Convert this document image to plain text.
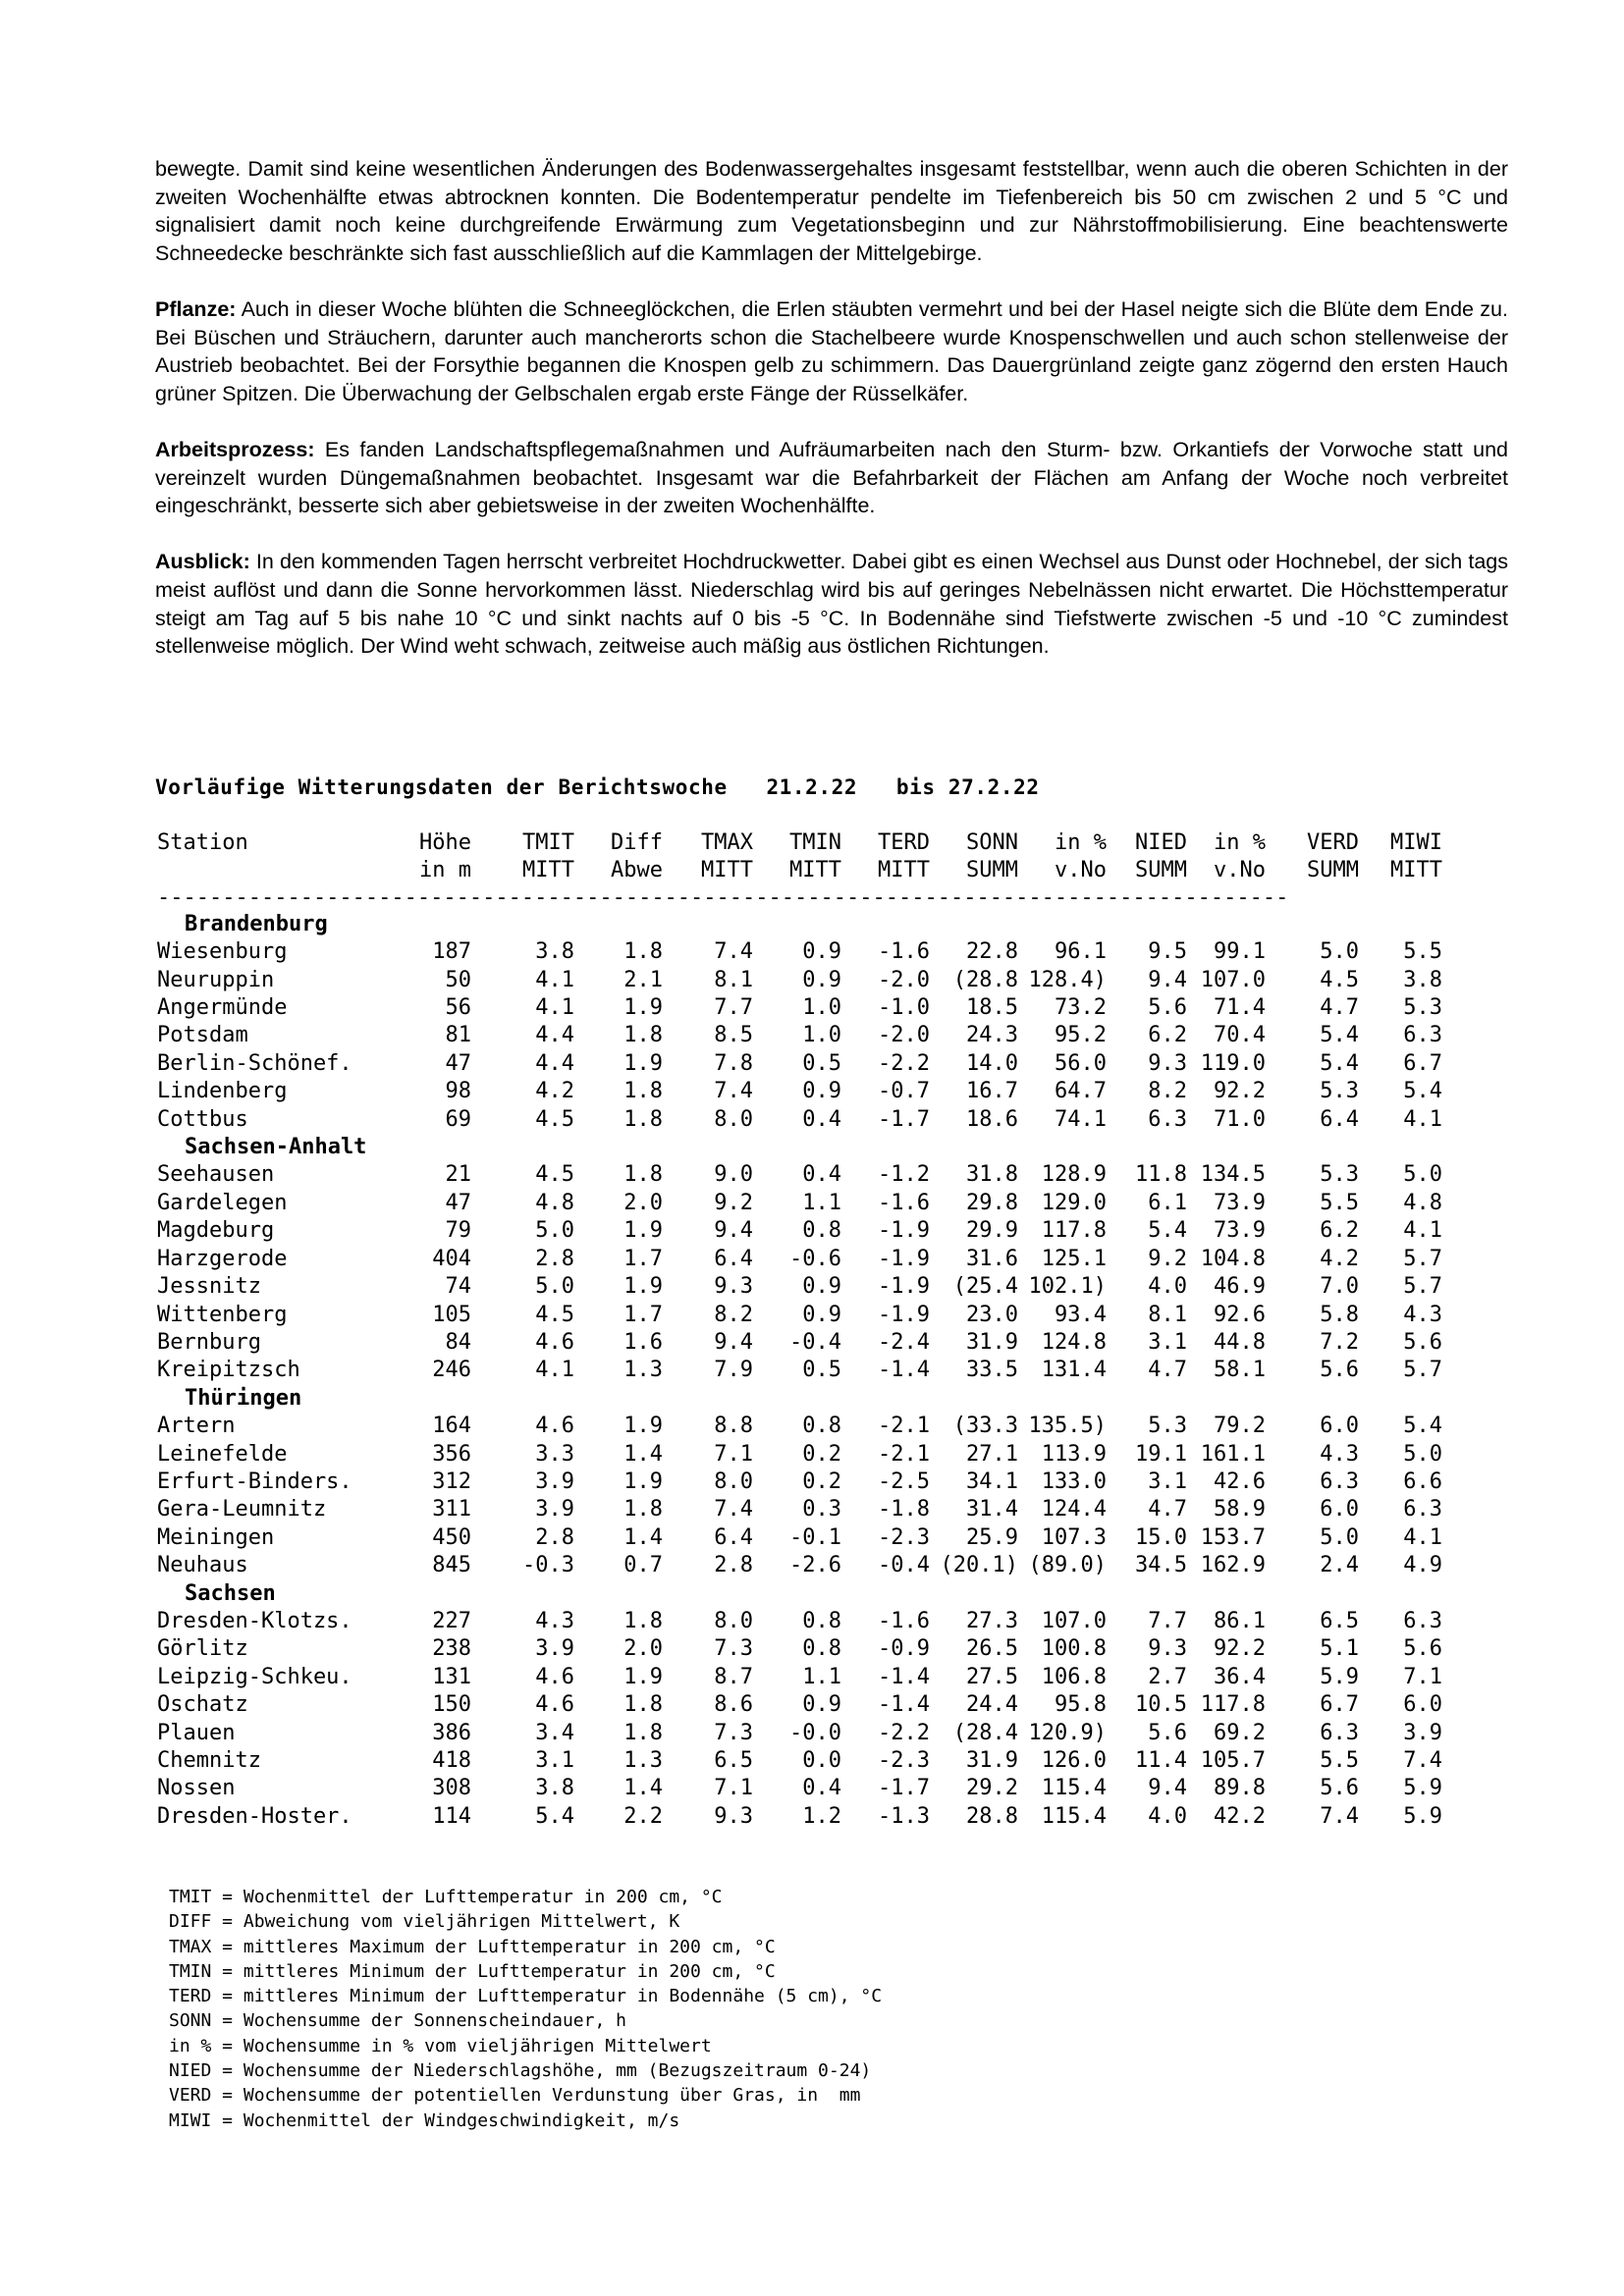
bewegte. Damit sind keine wesentlichen Änderungen des Bodenwassergehaltes insgesamt feststellbar, wenn auch die oberen Schichten in der zweiten Wochenhälfte etwas abtrocknen konnten. Die Bodentemperatur pendelte im Tiefenbereich bis 50 cm zwischen 2 und 5 °C und signalisiert damit noch keine durchgreifende Erwärmung zum Vegetationsbeginn und zur Nährstoffmobilisierung. Eine beachtenswerte Schneedecke beschränkte sich fast ausschließlich auf die Kammlagen der Mittelgebirge.

Pflanze: Auch in dieser Woche blühten die Schneeglöckchen, die Erlen stäubten vermehrt und bei der Hasel neigte sich die Blüte dem Ende zu. Bei Büschen und Sträuchern, darunter auch mancherorts schon die Stachelbeere wurde Knospenschwellen und auch schon stellenweise der Austrieb beobachtet. Bei der Forsythie begannen die Knospen gelb zu schimmern. Das Dauergrünland zeigte ganz zögernd den ersten Hauch grüner Spitzen. Die Überwachung der Gelbschalen ergab erste Fänge der Rüsselkäfer.

Arbeitsprozess: Es fanden Landschaftspflegemaßnahmen und Aufräumarbeiten nach den Sturm- bzw. Orkantiefs der Vorwoche statt und vereinzelt wurden Düngemaßnahmen beobachtet. Insgesamt war die Befahrbarkeit der Flächen am Anfang der Woche noch verbreitet eingeschränkt, besserte sich aber gebietsweise in der zweiten Wochenhälfte.

Ausblick: In den kommenden Tagen herrscht verbreitet Hochdruckwetter. Dabei gibt es einen Wechsel aus Dunst oder Hochnebel, der sich tags meist auflöst und dann die Sonne hervorkommen lässt. Niederschlag wird bis auf geringes Nebelnässen nicht erwartet. Die Höchsttemperatur steigt am Tag auf 5 bis nahe 10 °C und sinkt nachts auf 0 bis -5 °C. In Bodennähe sind Tiefstwerte zwischen -5 und -10 °C zumindest stellenweise möglich. Der Wind weht schwach, zeitweise auch mäßig aus östlichen Richtungen.

Vorläufige Witterungsdaten der Berichtswoche 21.2.22 bis 27.2.22
Station	Höhe	TMIT	Diff	TMAX	TMIN	TERD	SONN	in %	NIED	in %	VERD	MIWI
	in m	MITT	Abwe	MITT	MITT	MITT	SUMM	v.No	SUMM	v.No	SUMM	MITT
---------------------------------------------------------------------------------------												
Brandenburg												
Wiesenburg	187	3.8	1.8	7.4	0.9	-1.6	22.8	96.1	9.5	99.1	5.0	5.5
Neuruppin	50	4.1	2.1	8.1	0.9	-2.0	(28.8	128.4)	9.4	107.0	4.5	3.8
Angermünde	56	4.1	1.9	7.7	1.0	-1.0	18.5	73.2	5.6	71.4	4.7	5.3
Potsdam	81	4.4	1.8	8.5	1.0	-2.0	24.3	95.2	6.2	70.4	5.4	6.3
Berlin-Schönef.	47	4.4	1.9	7.8	0.5	-2.2	14.0	56.0	9.3	119.0	5.4	6.7
Lindenberg	98	4.2	1.8	7.4	0.9	-0.7	16.7	64.7	8.2	92.2	5.3	5.4
Cottbus	69	4.5	1.8	8.0	0.4	-1.7	18.6	74.1	6.3	71.0	6.4	4.1
Sachsen-Anhalt												
Seehausen	21	4.5	1.8	9.0	0.4	-1.2	31.8	128.9	11.8	134.5	5.3	5.0
Gardelegen	47	4.8	2.0	9.2	1.1	-1.6	29.8	129.0	6.1	73.9	5.5	4.8
Magdeburg	79	5.0	1.9	9.4	0.8	-1.9	29.9	117.8	5.4	73.9	6.2	4.1
Harzgerode	404	2.8	1.7	6.4	-0.6	-1.9	31.6	125.1	9.2	104.8	4.2	5.7
Jessnitz	74	5.0	1.9	9.3	0.9	-1.9	(25.4	102.1)	4.0	46.9	7.0	5.7
Wittenberg	105	4.5	1.7	8.2	0.9	-1.9	23.0	93.4	8.1	92.6	5.8	4.3
Bernburg	84	4.6	1.6	9.4	-0.4	-2.4	31.9	124.8	3.1	44.8	7.2	5.6
Kreipitzsch	246	4.1	1.3	7.9	0.5	-1.4	33.5	131.4	4.7	58.1	5.6	5.7
Thüringen												
Artern	164	4.6	1.9	8.8	0.8	-2.1	(33.3	135.5)	5.3	79.2	6.0	5.4
Leinefelde	356	3.3	1.4	7.1	0.2	-2.1	27.1	113.9	19.1	161.1	4.3	5.0
Erfurt-Binders.	312	3.9	1.9	8.0	0.2	-2.5	34.1	133.0	3.1	42.6	6.3	6.6
Gera-Leumnitz	311	3.9	1.8	7.4	0.3	-1.8	31.4	124.4	4.7	58.9	6.0	6.3
Meiningen	450	2.8	1.4	6.4	-0.1	-2.3	25.9	107.3	15.0	153.7	5.0	4.1
Neuhaus	845	-0.3	0.7	2.8	-2.6	-0.4	(20.1)	(89.0)	34.5	162.9	2.4	4.9
Sachsen												
Dresden-Klotzs.	227	4.3	1.8	8.0	0.8	-1.6	27.3	107.0	7.7	86.1	6.5	6.3
Görlitz	238	3.9	2.0	7.3	0.8	-0.9	26.5	100.8	9.3	92.2	5.1	5.6
Leipzig-Schkeu.	131	4.6	1.9	8.7	1.1	-1.4	27.5	106.8	2.7	36.4	5.9	7.1
Oschatz	150	4.6	1.8	8.6	0.9	-1.4	24.4	95.8	10.5	117.8	6.7	6.0
Plauen	386	3.4	1.8	7.3	-0.0	-2.2	(28.4	120.9)	5.6	69.2	6.3	3.9
Chemnitz	418	3.1	1.3	6.5	0.0	-2.3	31.9	126.0	11.4	105.7	5.5	7.4
Nossen	308	3.8	1.4	7.1	0.4	-1.7	29.2	115.4	9.4	89.8	5.6	5.9
Dresden-Hoster.	114	5.4	2.2	9.3	1.2	-1.3	28.8	115.4	4.0	42.2	7.4	5.9
TMIT = Wochenmittel der Lufttemperatur in 200 cm, °C
DIFF = Abweichung vom vieljährigen Mittelwert, K
TMAX = mittleres Maximum der Lufttemperatur in 200 cm, °C
TMIN = mittleres Minimum der Lufttemperatur in 200 cm, °C
TERD = mittleres Minimum der Lufttemperatur in Bodennähe (5 cm), °C
SONN = Wochensumme der Sonnenscheindauer, h
in % = Wochensumme in % vom vieljährigen Mittelwert
NIED = Wochensumme der Niederschlagshöhe, mm (Bezugszeitraum 0-24)
VERD = Wochensumme der potentiellen Verdunstung über Gras, in  mm
MIWI = Wochenmittel der Windgeschwindigkeit, m/s
